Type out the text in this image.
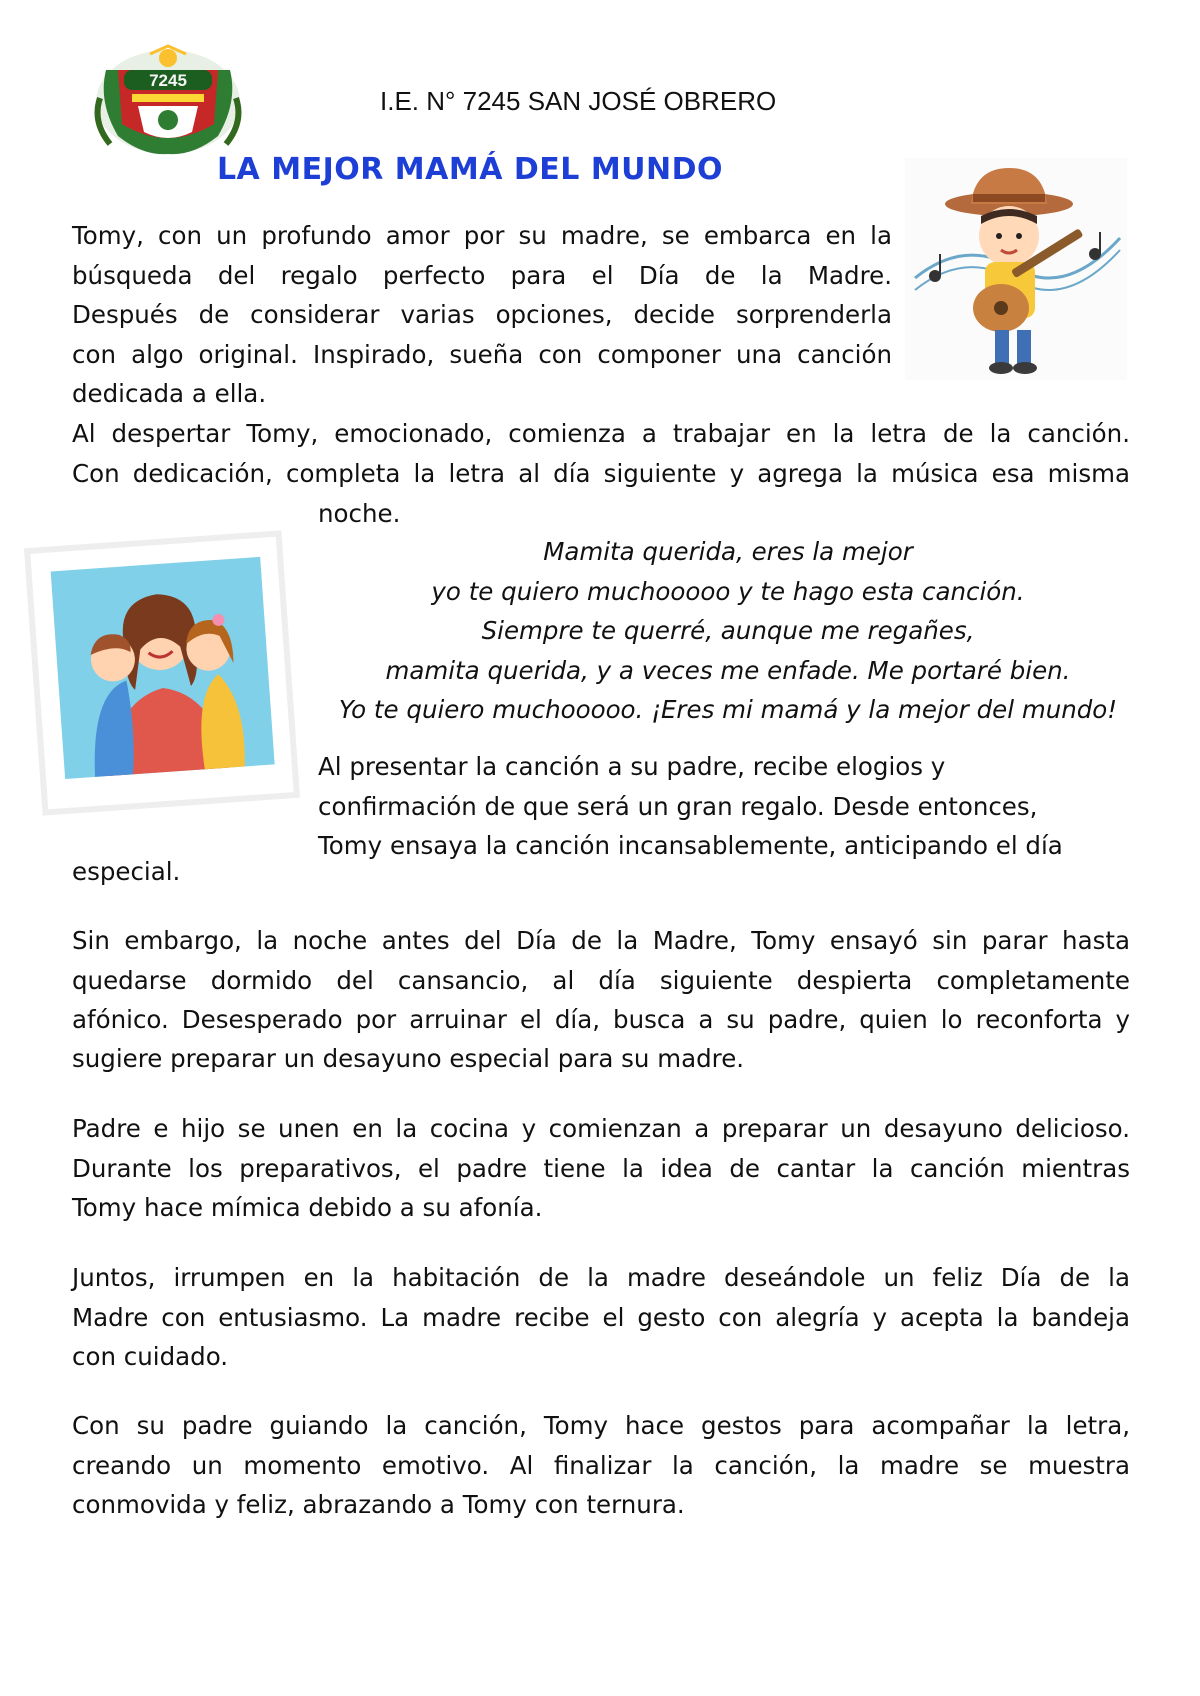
7245
I.E. N° 7245 SAN JOSÉ OBRERO
LA MEJOR MAMÁ DEL MUNDO
Tomy, con un profundo amor por su madre, se embarca en la
búsqueda del regalo perfecto para el Día de la Madre.
Después de considerar varias opciones, decide sorprenderla
con algo original. Inspirado, sueña con componer una canción
dedicada a ella.
Al despertar Tomy, emocionado, comienza a trabajar en la letra de la canción.
Con dedicación, completa la letra al día siguiente y agrega la música esa misma
noche.
Mamita querida, eres la mejor
yo te quiero muchooooo y te hago esta canción.
Siempre te querré, aunque me regañes,
mamita querida, y a veces me enfade. Me portaré bien.
Yo te quiero muchooooo. ¡Eres mi mamá y la mejor del mundo!
Al presentar la canción a su padre, recibe elogios y
confirmación de que será un gran regalo. Desde entonces,
Tomy ensaya la canción incansablemente, anticipando el día
especial.
Sin embargo, la noche antes del Día de la Madre, Tomy ensayó sin parar hasta
quedarse dormido del cansancio, al día siguiente despierta completamente
afónico. Desesperado por arruinar el día, busca a su padre, quien lo reconforta y
sugiere preparar un desayuno especial para su madre.
Padre e hijo se unen en la cocina y comienzan a preparar un desayuno delicioso.
Durante los preparativos, el padre tiene la idea de cantar la canción mientras
Tomy hace mímica debido a su afonía.
Juntos, irrumpen en la habitación de la madre deseándole un feliz Día de la
Madre con entusiasmo. La madre recibe el gesto con alegría y acepta la bandeja
con cuidado.
Con su padre guiando la canción, Tomy hace gestos para acompañar la letra,
creando un momento emotivo. Al finalizar la canción, la madre se muestra
conmovida y feliz, abrazando a Tomy con ternura.
